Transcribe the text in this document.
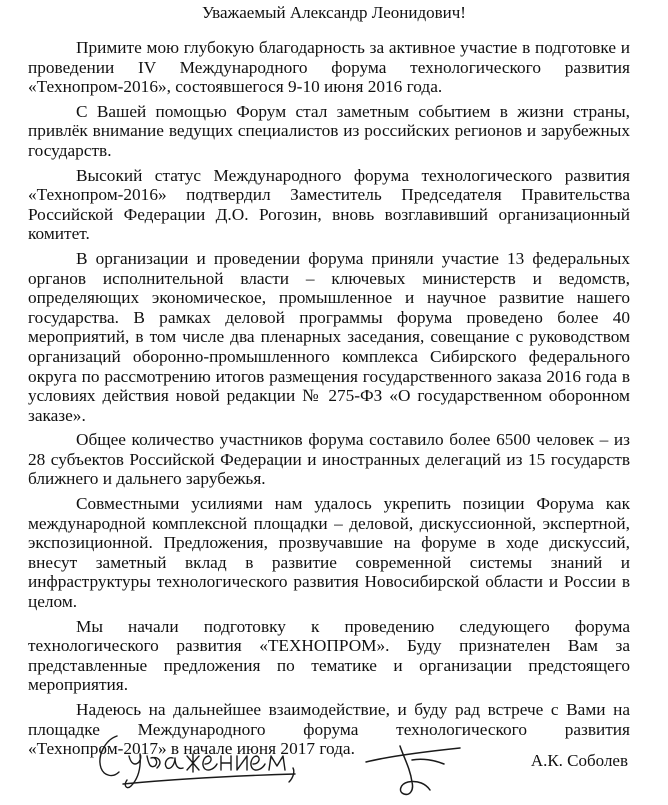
Уважаемый Александр Леонидович!

Примите мою глубокую благодарность за активное участие в подготовке и проведении IV Международного форума технологического развития «Технопром-2016», состоявшегося 9-10 июня 2016 года.

С Вашей помощью Форум стал заметным событием в жизни страны, привлёк внимание ведущих специалистов из российских регионов и зарубежных государств.

Высокий статус Международного форума технологического развития «Технопром-2016» подтвердил Заместитель Председателя Правительства Российской Федерации Д.О. Рогозин, вновь возглавивший организационный комитет.

В организации и проведении форума приняли участие 13 федеральных органов исполнительной власти – ключевых министерств и ведомств, определяющих экономическое, промышленное и научное развитие нашего государства. В рамках деловой программы форума проведено более 40 мероприятий, в том числе два пленарных заседания, совещание с руководством организаций оборонно-промышленного комплекса Сибирского федерального округа по рассмотрению итогов размещения государственного заказа 2016 года в условиях действия новой редакции № 275-ФЗ «О государственном оборонном заказе».

Общее количество участников форума составило более 6500 человек – из 28 субъектов Российской Федерации и иностранных делегаций из 15 государств ближнего и дальнего зарубежья.

Совместными усилиями нам удалось укрепить позиции Форума как международной комплексной площадки – деловой, дискуссионной, экспертной, экспозиционной. Предложения, прозвучавшие на форуме в ходе дискуссий, внесут заметный вклад в развитие современной системы знаний и инфраструктуры технологического развития Новосибирской области и России в целом.

Мы начали подготовку к проведению следующего форума технологического развития «ТЕХНОПРОМ». Буду признателен Вам за представленные предложения по тематике и организации предстоящего мероприятия.

Надеюсь на дальнейшее взаимодействие, и буду рад встрече с Вами на площадке Международного форума технологического развития «Технопром-2017» в начале июня 2017 года.

А.К. Соболев
